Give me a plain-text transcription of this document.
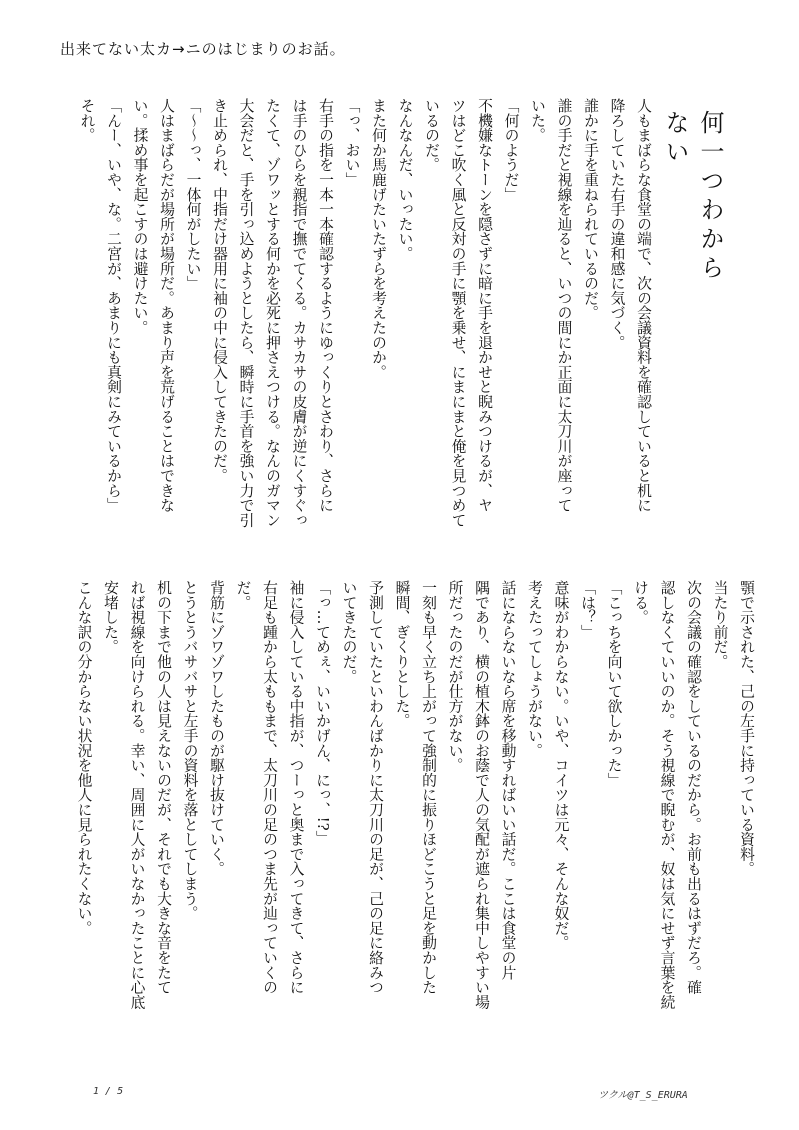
出来てない太カ→ニのはじまりのお話。
何一つわからない

人もまばらな食堂の端で、次の会議資料を確認していると机に

降ろしていた右手の違和感に気づく。

誰かに手を重ねられているのだ。

誰の手だと視線を辿ると、いつの間にか正面に太刀川が座って

いた。

「何のようだ」

不機嫌なトーンを隠さずに暗に手を退かせと睨みつけるが、ヤ

ツはどこ吹く風と反対の手に顎を乗せ、にまにまと俺を見つめて

いるのだ。

なんなんだ、いったい。

また何か馬鹿げたいたずらを考えたのか。

「っ、おい」

右手の指を一本一本確認するようにゆっくりとさわり、さらに

は手のひらを親指で撫でてくる。カサカサの皮膚が逆にくすぐっ

たくて、ゾワッとする何かを必死に押さえつける。なんのガマン

大会だと、手を引っ込めようとしたら、瞬時に手首を強い力で引

き止められ、中指だけ器用に袖の中に侵入してきたのだ。

「〜〜っ、一体何がしたい」

人はまばらだが場所が場所だ。あまり声を荒げることはできな

い。揉め事を起こすのは避けたい。

「んー、いや、な。二宮が、あまりにも真剣にみているから」

それ。

顎で示された、己の左手に持っている資料。

当たり前だ。

次の会議の確認をしているのだから。お前も出るはずだろ。確

認しなくていいのか。そう視線で睨むが、奴は気にせず言葉を続

ける。

「こっちを向いて欲しかった」

「は？」

意味がわからない。いや、コイツは元々、そんな奴だ。

考えたってしょうがない。

話にならないなら席を移動すればいい話だ。ここは食堂の片

隅であり、横の植木鉢のお蔭で人の気配が遮られ集中しやすい場

所だったのだが仕方がない。

一刻も早く立ち上がって強制的に振りほどこうと足を動かした

瞬間、ぎくりとした。

予測していたといわんばかりに太刀川の足が、己の足に絡みつ

いてきたのだ。

「っ…てめぇ、いいかげん、にっ、!?」

袖に侵入している中指が、つーっと奥まで入ってきて、さらに

右足も踵から太ももまで、太刀川の足のつま先が辿っていくの

だ。

背筋にゾワゾワしたものが駆け抜けていく。

とうとうバサバサと左手の資料を落としてしまう。

机の下まで他の人は見えないのだが、それでも大きな音をたて

れば視線を向けられる。幸い、周囲に人がいなかったことに心底

安堵した。

こんな訳の分からない状況を他人に見られたくない。

1 / 5	ツクル@T_S_ERURA
